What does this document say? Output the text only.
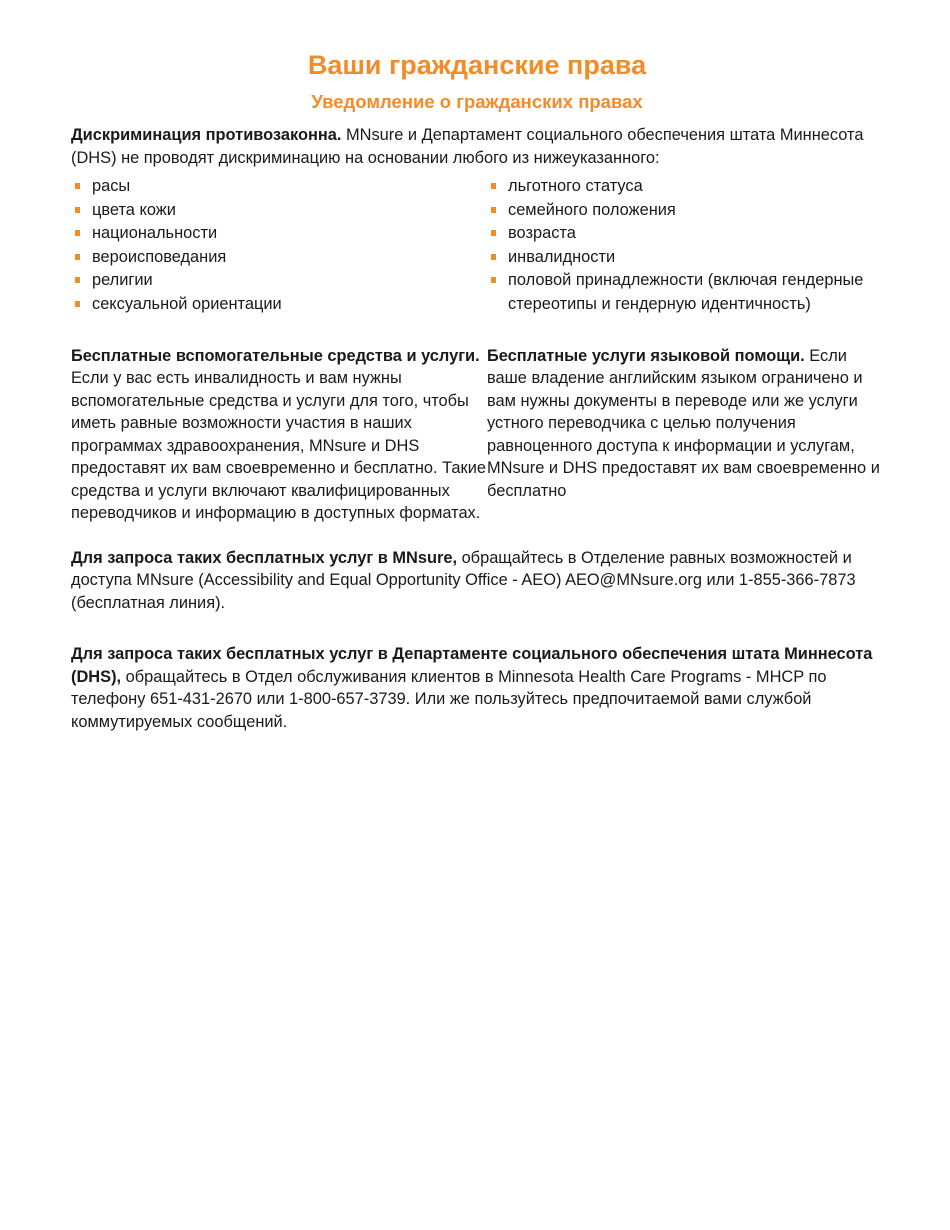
Ваши гражданские права
Уведомление о гражданских правах

Дискриминация противозаконна. MNsure и Департамент социального обеспечения штата Миннесота (DHS) не проводят дискриминацию на основании любого из нижеуказанного:

расы
цвета кожи
национальности
вероисповедания
религии
сексуальной ориентации
льготного статуса
семейного положения
возраста
инвалидности
половой принадлежности (включая гендерные стереотипы и гендерную идентичность)

Бесплатные вспомогательные средства и услуги. Если у вас есть инвалидность и вам нужны вспомогательные средства и услуги для того, чтобы иметь равные возможности участия в наших программах здравоохранения, MNsure и DHS предоставят их вам своевременно и бесплатно. Такие средства и услуги включают квалифицированных переводчиков и информацию в доступных форматах.

Бесплатные услуги языковой помощи. Если ваше владение английским языком ограничено и вам нужны документы в переводе или же услуги устного переводчика с целью получения равноценного доступа к информации и услугам, MNsure и DHS предоставят их вам своевременно и бесплатно

Для запроса таких бесплатных услуг в MNsure, обращайтесь в Отделение равных возможностей и доступа MNsure (Accessibility and Equal Opportunity Office - AEO) AEO@MNsure.org или 1-855-366-7873 (бесплатная линия).

Для запроса таких бесплатных услуг в Департаменте социального обеспечения штата Миннесота (DHS), обращайтесь в Отдел обслуживания клиентов в Minnesota Health Care Programs - MHCP по телефону 651-431-2670 или 1-800-657-3739. Или же пользуйтесь предпочитаемой вами службой коммутируемых сообщений.
